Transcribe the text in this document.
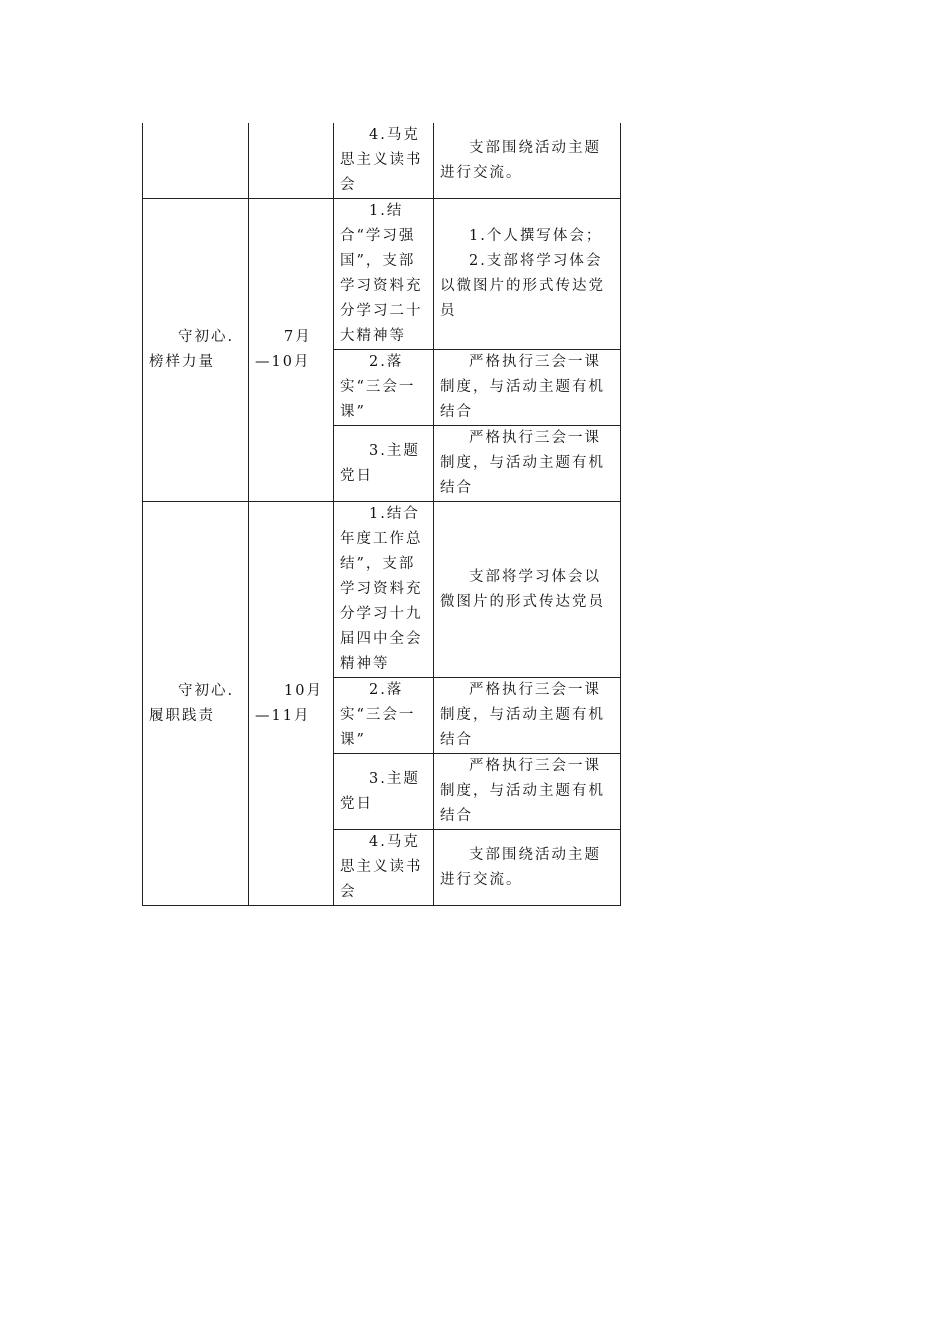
		4.马克思主义读书会	支部围绕活动主题进行交流。

守初心.榜样力量	7月—10月	1.结合“学习强国”，支部学习资料充分学习二十大精神等	1.个人撰写体会；
2.支部将学习体会以微图片的形式传达党员

		2.落实“三会一课”	严格执行三会一课制度，与活动主题有机结合

		3.主题党日	严格执行三会一课制度，与活动主题有机结合

守初心.履职践责	10月—11月	1.结合年度工作总结”，支部学习资料充分学习十九届四中全会精神等	支部将学习体会以微图片的形式传达党员

		2.落实“三会一课”	严格执行三会一课制度，与活动主题有机结合

		3.主题党日	严格执行三会一课制度，与活动主题有机结合

		4.马克思主义读书会	支部围绕活动主题进行交流。
